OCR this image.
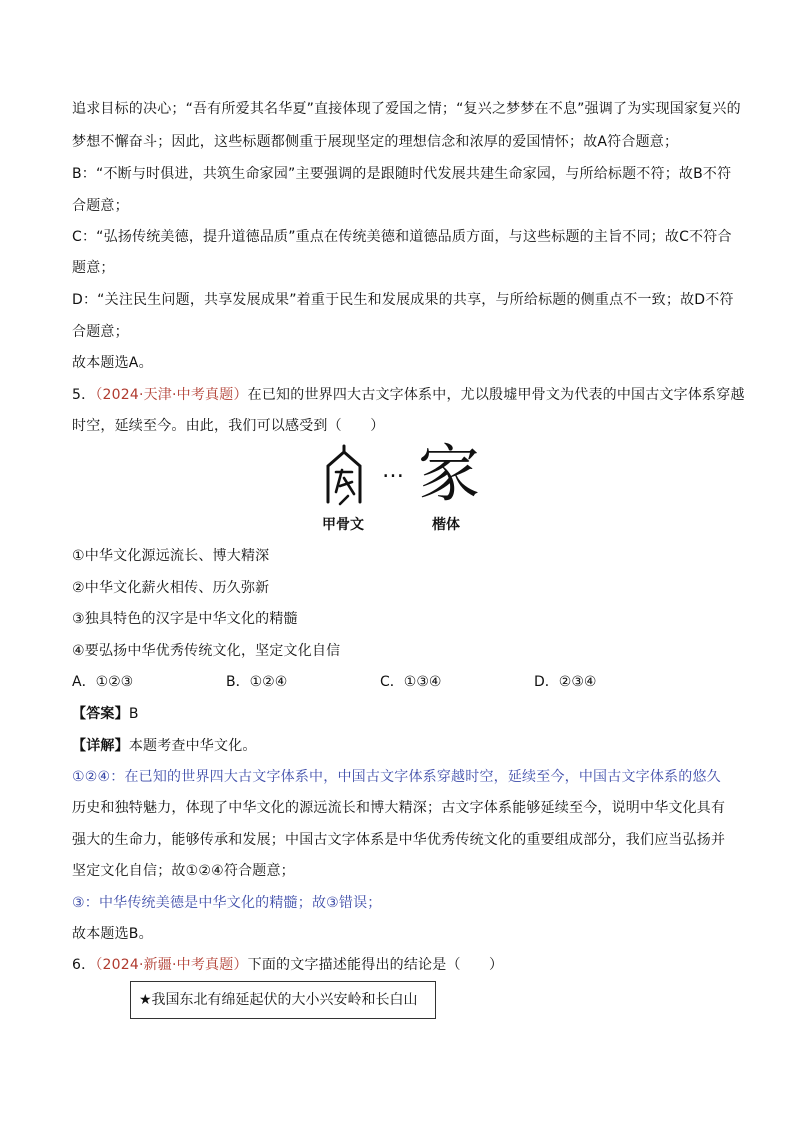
追求目标的决心；“吾有所爱其名华夏”直接体现了爱国之情；“复兴之梦梦在不息”强调了为实现国家复兴的
梦想不懈奋斗；因此，这些标题都侧重于展现坚定的理想信念和浓厚的爱国情怀；故A符合题意；
B：“不断与时俱进，共筑生命家园”主要强调的是跟随时代发展共建生命家园，与所给标题不符；故B不符
合题意；
C：“弘扬传统美德，提升道德品质”重点在传统美德和道德品质方面，与这些标题的主旨不同；故C不符合
题意；
D：“关注民生问题，共享发展成果”着重于民生和发展成果的共享，与所给标题的侧重点不一致；故D不符
合题意；
故本题选A。
5．（2024·天津·中考真题）在已知的世界四大古文字体系中，尤以殷墟甲骨文为代表的中国古文字体系穿越
时空，延续至今。由此，我们可以感受到（　　）
… 家
甲骨文	楷体
①中华文化源远流长、博大精深
②中华文化薪火相传、历久弥新
③独具特色的汉字是中华文化的精髓
④要弘扬中华优秀传统文化，坚定文化自信
A．①②③	B．①②④	C．①③④	D．②③④
【答案】B
【详解】本题考查中华文化。
①②④：在已知的世界四大古文字体系中，中国古文字体系穿越时空，延续至今，中国古文字体系的悠久
历史和独特魅力，体现了中华文化的源远流长和博大精深；古文字体系能够延续至今，说明中华文化具有
强大的生命力，能够传承和发展；中国古文字体系是中华优秀传统文化的重要组成部分，我们应当弘扬并
坚定文化自信；故①②④符合题意；
③：中华传统美德是中华文化的精髓；故③错误；
故本题选B。
6．（2024·新疆·中考真题）下面的文字描述能得出的结论是（　　）
★我国东北有绵延起伏的大小兴安岭和长白山
